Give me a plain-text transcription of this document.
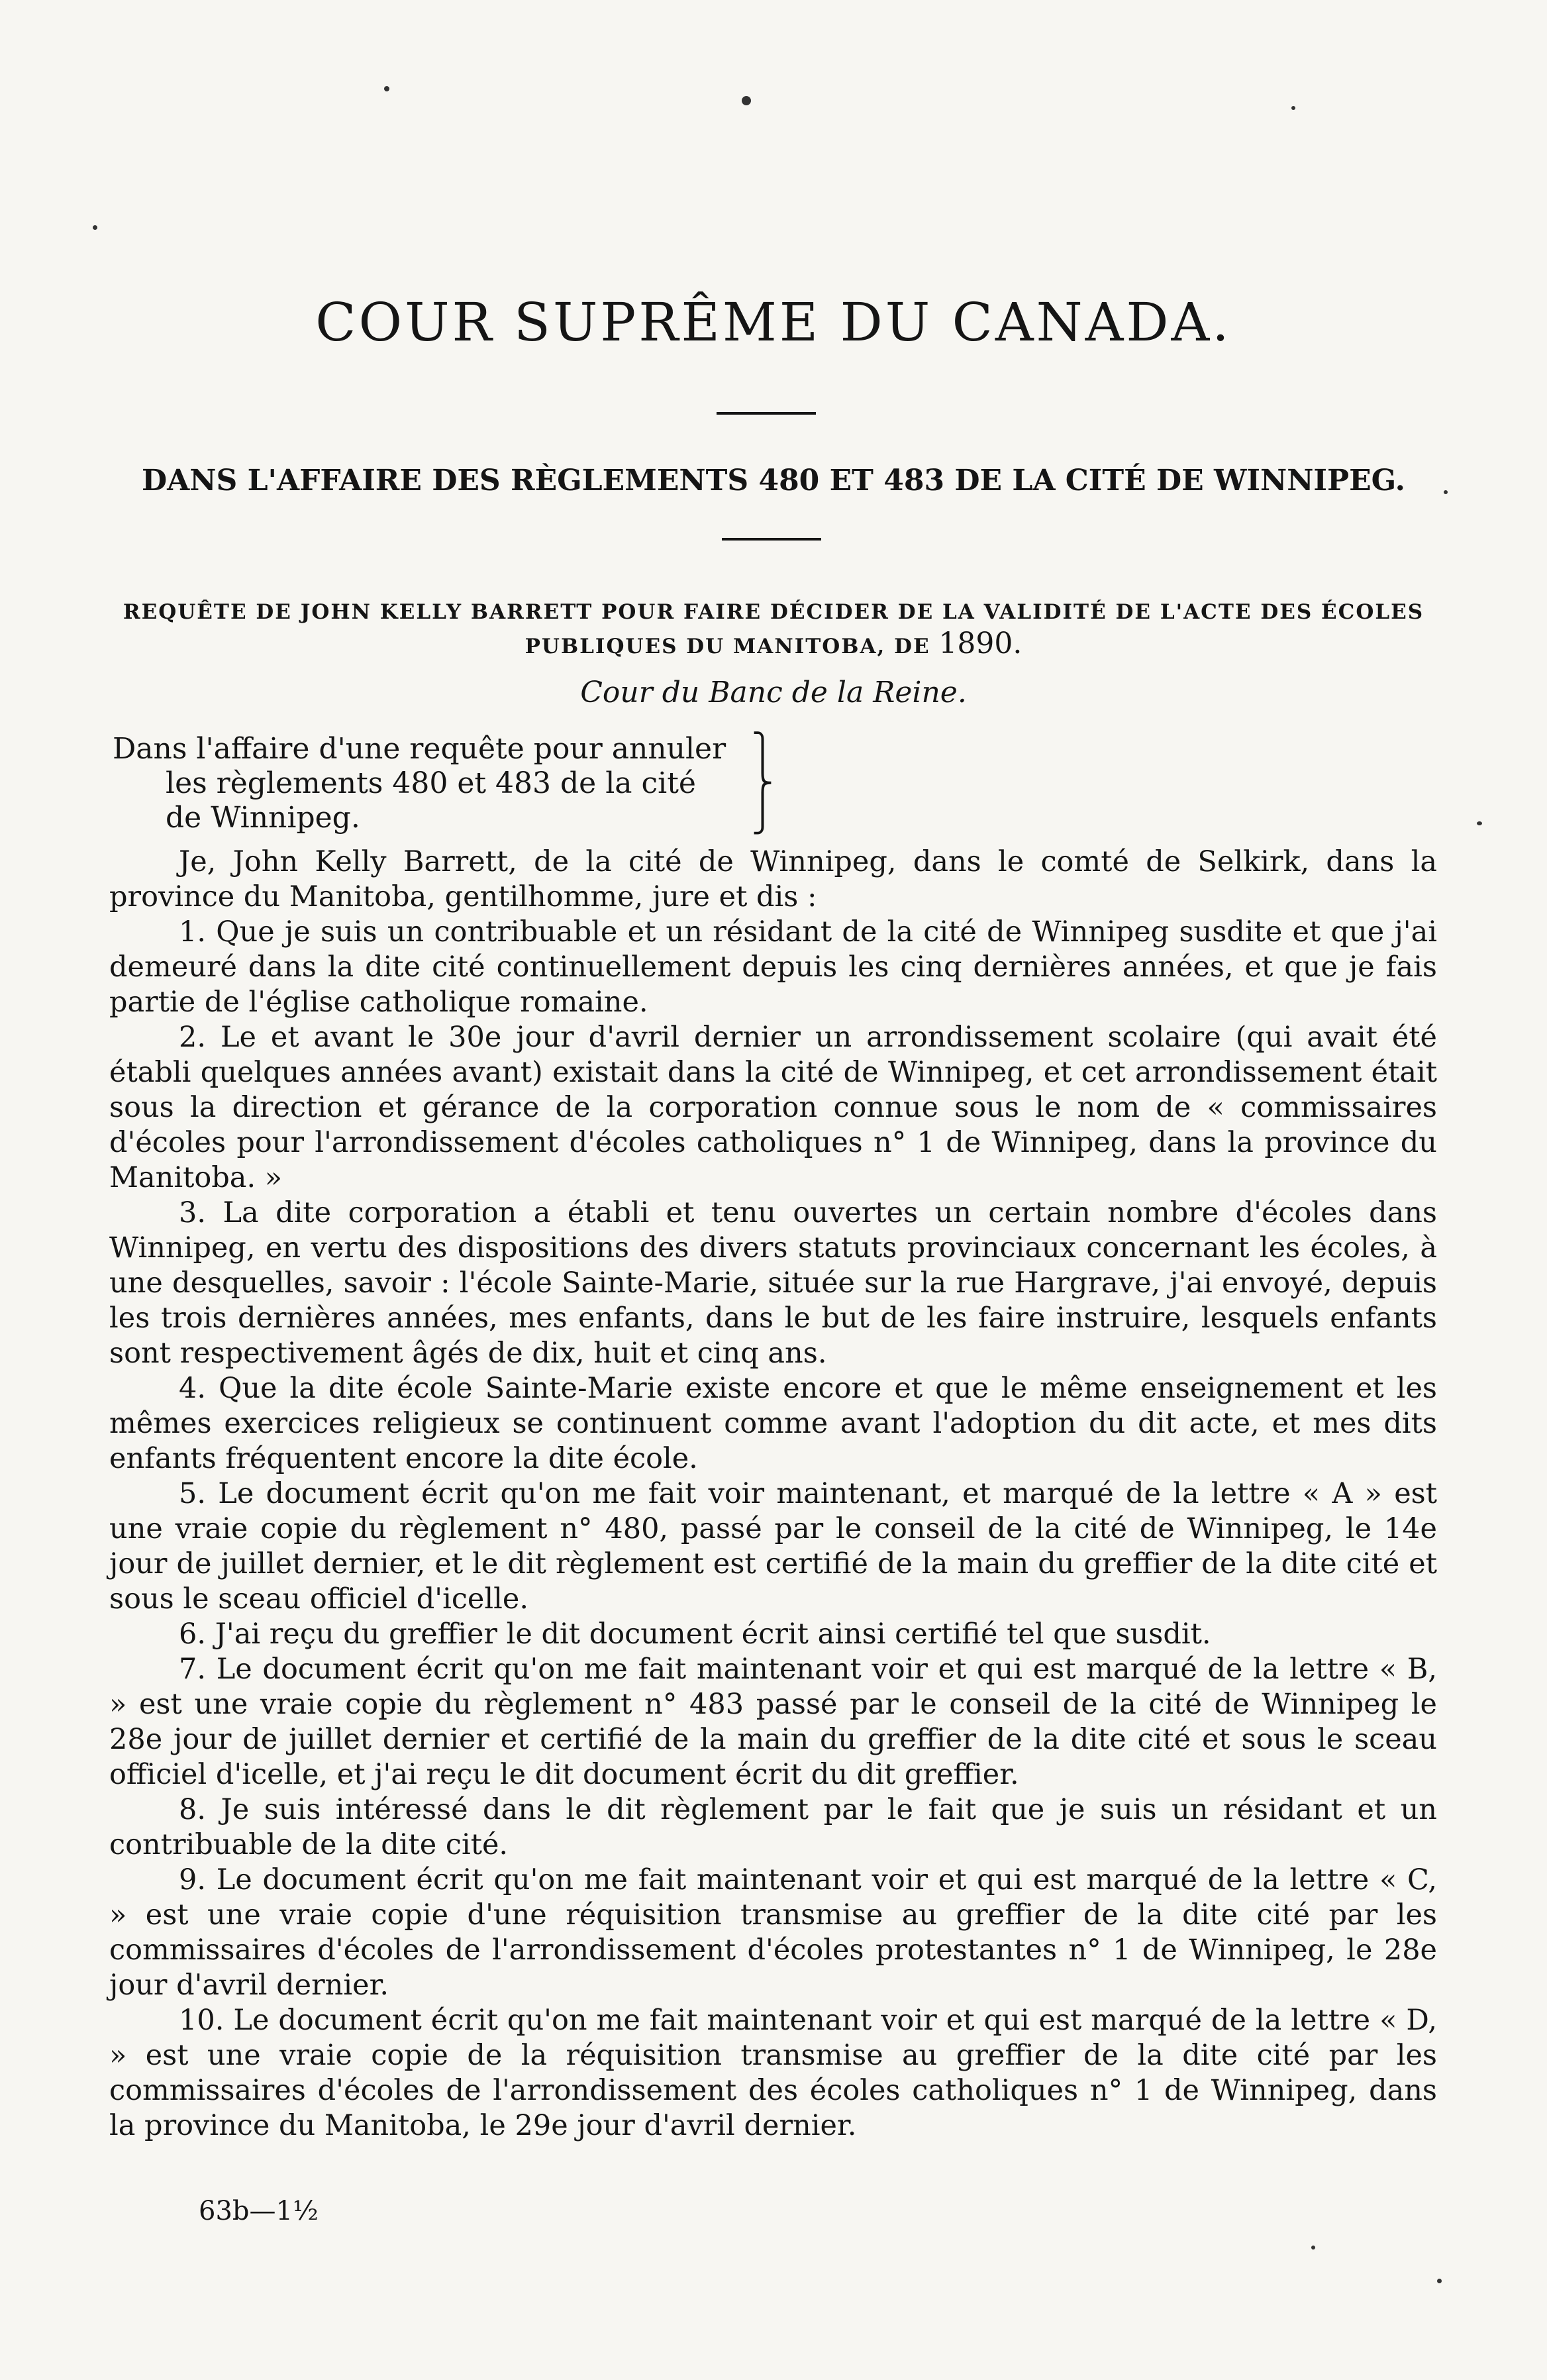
COUR SUPRÊME DU CANADA.
DANS L'AFFAIRE DES RÈGLEMENTS 480 ET 483 DE LA CITÉ DE WINNIPEG.
REQUÊTE DE JOHN KELLY BARRETT POUR FAIRE DÉCIDER DE LA VALIDITÉ DE L'ACTE DES ÉCOLES PUBLIQUES DU MANITOBA, DE 1890.
Cour du Banc de la Reine.
Dans l'affaire d'une requête pour annuler
les règlements 480 et 483 de la cité
de Winnipeg.
⎫
⎬
⎭

Je, John Kelly Barrett, de la cité de Winnipeg, dans le comté de Selkirk, dans la province du Manitoba, gentilhomme, jure et dis :

1. Que je suis un contribuable et un résidant de la cité de Winnipeg susdite et que j'ai demeuré dans la dite cité continuellement depuis les cinq dernières années, et que je fais partie de l'église catholique romaine.

2. Le et avant le 30e jour d'avril dernier un arrondissement scolaire (qui avait été établi quelques années avant) existait dans la cité de Winnipeg, et cet arrondissement était sous la direction et gérance de la corporation connue sous le nom de « commissaires d'écoles pour l'arrondissement d'écoles catholiques n° 1 de Winnipeg, dans la province du Manitoba. »

3. La dite corporation a établi et tenu ouvertes un certain nombre d'écoles dans Winnipeg, en vertu des dispositions des divers statuts provinciaux concernant les écoles, à une desquelles, savoir : l'école Sainte-Marie, située sur la rue Hargrave, j'ai envoyé, depuis les trois dernières années, mes enfants, dans le but de les faire instruire, lesquels enfants sont respectivement âgés de dix, huit et cinq ans.

4. Que la dite école Sainte-Marie existe encore et que le même enseignement et les mêmes exercices religieux se continuent comme avant l'adoption du dit acte, et mes dits enfants fréquentent encore la dite école.

5. Le document écrit qu'on me fait voir maintenant, et marqué de la lettre « A » est une vraie copie du règlement n° 480, passé par le conseil de la cité de Winnipeg, le 14e jour de juillet dernier, et le dit règlement est certifié de la main du greffier de la dite cité et sous le sceau officiel d'icelle.

6. J'ai reçu du greffier le dit document écrit ainsi certifié tel que susdit.

7. Le document écrit qu'on me fait maintenant voir et qui est marqué de la lettre « B, » est une vraie copie du règlement n° 483 passé par le conseil de la cité de Winnipeg le 28e jour de juillet dernier et certifié de la main du greffier de la dite cité et sous le sceau officiel d'icelle, et j'ai reçu le dit document écrit du dit greffier.

8. Je suis intéressé dans le dit règlement par le fait que je suis un résidant et un contribuable de la dite cité.

9. Le document écrit qu'on me fait maintenant voir et qui est marqué de la lettre « C, » est une vraie copie d'une réquisition transmise au greffier de la dite cité par les commissaires d'écoles de l'arrondissement d'écoles protestantes n° 1 de Winnipeg, le 28e jour d'avril dernier.

10. Le document écrit qu'on me fait maintenant voir et qui est marqué de la lettre « D, » est une vraie copie de la réquisition transmise au greffier de la dite cité par les commissaires d'écoles de l'arrondissement des écoles catholiques n° 1 de Winnipeg, dans la province du Manitoba, le 29e jour d'avril dernier.

63b—1½
